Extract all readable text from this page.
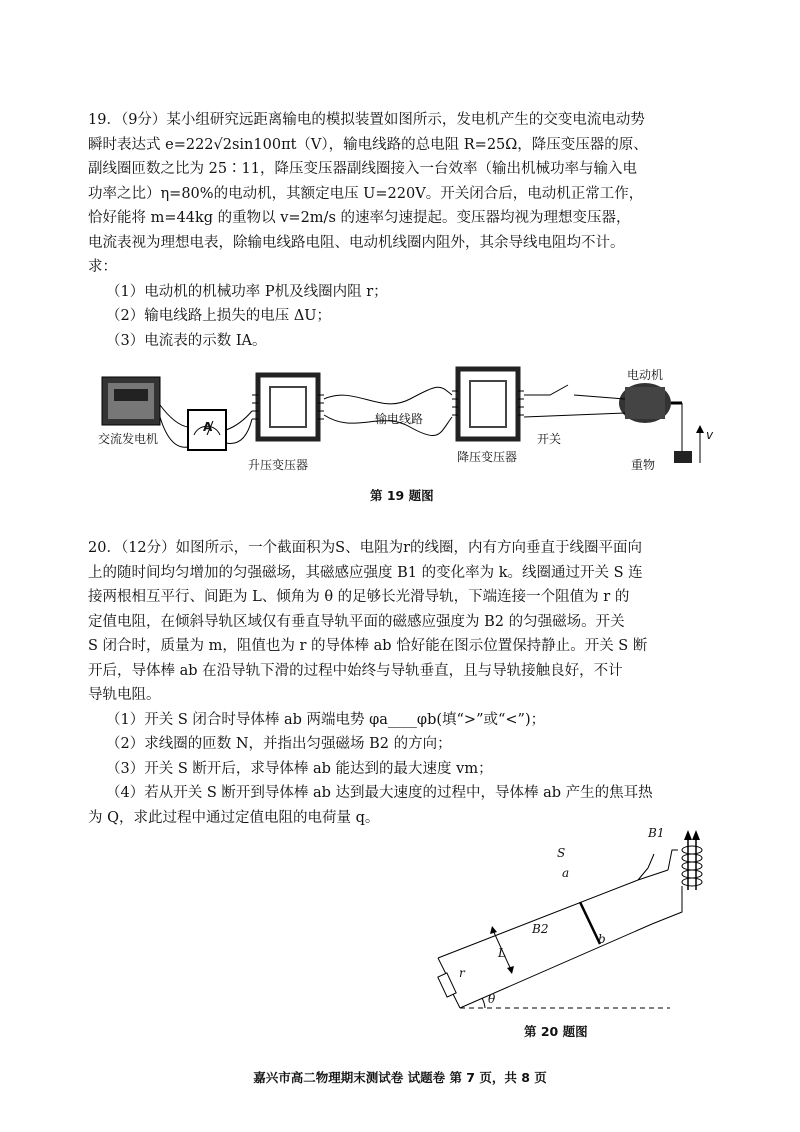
19．（9分）某小组研究远距离输电的模拟装置如图所示，发电机产生的交变电流电动势

瞬时表达式 e=222√2sin100πt（V），输电线路的总电阻 R=25Ω，降压变压器的原、

副线圈匝数之比为 25∶11，降压变压器副线圈接入一台效率（输出机械功率与输入电

功率之比）η=80%的电动机，其额定电压 U=220V。开关闭合后，电动机正常工作，

恰好能将 m=44kg 的重物以 v=2m/s 的速率匀速提起。变压器均视为理想变压器，

电流表视为理想电表，除输电线路电阻、电动机线圈内阻外，其余导线电阻均不计。

求：

（1）电动机的机械功率 P机及线圈内阻 r；

（2）输电线路上损失的电压 ΔU；

（3）电流表的示数 IA。

交流发电机
A
升压变压器
输电线路
降压变压器
电动机
开关
重物
v
第 19 题图

20．（12分）如图所示，一个截面积为S、电阻为r的线圈，内有方向垂直于线圈平面向

上的随时间均匀增加的匀强磁场，其磁感应强度 B1 的变化率为 k。线圈通过开关 S 连

接两根相互平行、间距为 L、倾角为 θ 的足够长光滑导轨，下端连接一个阻值为 r 的

定值电阻，在倾斜导轨区域仅有垂直导轨平面的磁感应强度为 B2 的匀强磁场。开关

S 闭合时，质量为 m，阻值也为 r 的导体棒 ab 恰好能在图示位置保持静止。开关 S 断

开后，导体棒 ab 在沿导轨下滑的过程中始终与导轨垂直，且与导轨接触良好，不计

导轨电阻。

（1）开关 S 闭合时导体棒 ab 两端电势 φa____φb(填“>”或“<”)；

（2）求线圈的匝数 N，并指出匀强磁场 B2 的方向；

（3）开关 S 断开后，求导体棒 ab 能达到的最大速度 vm；

（4）若从开关 S 断开到导体棒 ab 达到最大速度的过程中，导体棒 ab 产生的焦耳热

为 Q，求此过程中通过定值电阻的电荷量 q。

S
a
b
B1
B2
L
r
θ
第 20 题图
嘉兴市高二物理期末测试卷 试题卷 第 7 页，共 8 页
